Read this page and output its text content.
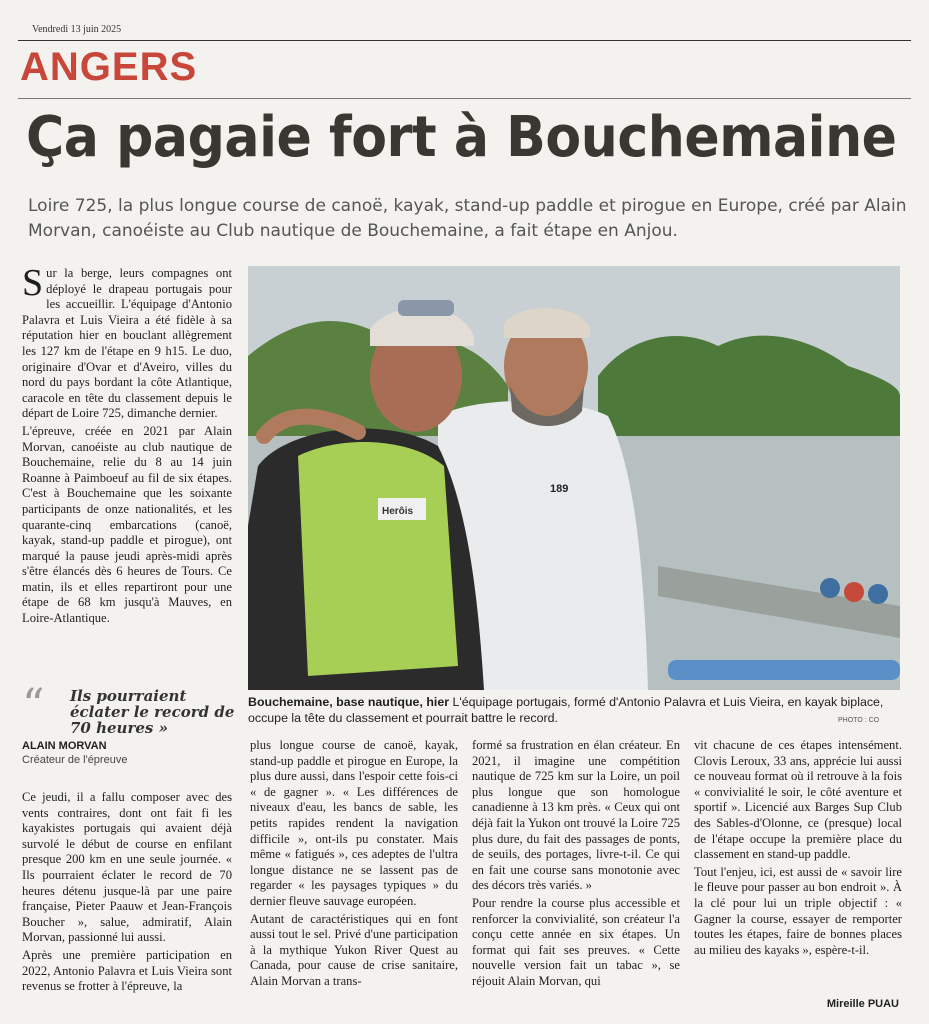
Vendredi 13 juin 2025
ANGERS
Ça pagaie fort à Bouchemaine
Loire 725, la plus longue course de canoë, kayak, stand-up paddle et pirogue en Europe, créé par Alain Morvan, canoéiste au Club nautique de Bouchemaine, a fait étape en Anjou.

Sur la berge, leurs compagnes ont déployé le drapeau portugais pour les accueillir. L'équipage d'Antonio Palavra et Luis Vieira a été fidèle à sa réputation hier en bouclant allègrement les 127 km de l'étape en 9 h15. Le duo, originaire d'Ovar et d'Aveiro, villes du nord du pays bordant la côte Atlantique, caracole en tête du classement depuis le départ de Loire 725, dimanche dernier.

L'épreuve, créée en 2021 par Alain Morvan, canoéiste au club nautique de Bouchemaine, relie du 8 au 14 juin Roanne à Paimboeuf au fil de six étapes. C'est à Bouchemaine que les soixante participants de onze nationalités, et les quarante-cinq embarcations (canoë, kayak, stand-up paddle et pirogue), ont marqué la pause jeudi après-midi après s'être élancés dès 6 heures de Tours. Ce matin, ils et elles repartiront pour une étape de 68 km jusqu'à Mauves, en Loire-Atlantique.

“ Ils pourraient éclater le record de 70 heures »
ALAIN MORVAN
Créateur de l'épreuve
189
Herôis
Bouchemaine, base nautique, hier L'équipage portugais, formé d'Antonio Palavra et Luis Vieira, en kayak biplace, occupe la tête du classement et pourrait battre le record.	PHOTO : CO

Ce jeudi, il a fallu composer avec des vents contraires, dont ont fait fi les kayakistes portugais qui avaient déjà survolé le début de course en enfilant presque 200 km en une seule journée. « Ils pourraient éclater le record de 70 heures détenu jusque-là par une paire française, Pieter Paauw et Jean-François Boucher », salue, admiratif, Alain Morvan, passionné lui aussi.

Après une première participation en 2022, Antonio Palavra et Luis Vieira sont revenus se frotter à l'épreuve, la

plus longue course de canoë, kayak, stand-up paddle et pirogue en Europe, la plus dure aussi, dans l'espoir cette fois-ci « de gagner ». « Les différences de niveaux d'eau, les bancs de sable, les petits rapides rendent la navigation difficile », ont-ils pu constater. Mais même « fatigués », ces adeptes de l'ultra longue distance ne se lassent pas de regarder « les paysages typiques » du dernier fleuve sauvage européen.

Autant de caractéristiques qui en font aussi tout le sel. Privé d'une participation à la mythique Yukon River Quest au Canada, pour cause de crise sanitaire, Alain Morvan a trans-

formé sa frustration en élan créateur. En 2021, il imagine une compétition nautique de 725 km sur la Loire, un poil plus longue que son homologue canadienne à 13 km près. « Ceux qui ont déjà fait la Yukon ont trouvé la Loire 725 plus dure, du fait des passages de ponts, de seuils, des portages, livre-t-il. Ce qui en fait une course sans monotonie avec des décors très variés. »

Pour rendre la course plus accessible et renforcer la convivialité, son créateur l'a conçu cette année en six étapes. Un format qui fait ses preuves. « Cette nouvelle version fait un tabac », se réjouit Alain Morvan, qui

vit chacune de ces étapes intensément. Clovis Leroux, 33 ans, apprécie lui aussi ce nouveau format où il retrouve à la fois « convivialité le soir, le côté aventure et sportif ». Licencié aux Barges Sup Club des Sables-d'Olonne, ce (presque) local de l'étape occupe la première place du classement en stand-up paddle.

Tout l'enjeu, ici, est aussi de « savoir lire le fleuve pour passer au bon endroit ». À la clé pour lui un triple objectif : « Gagner la course, essayer de remporter toutes les étapes, faire de bonnes places au milieu des kayaks », espère-t-il.

Mireille PUAU
